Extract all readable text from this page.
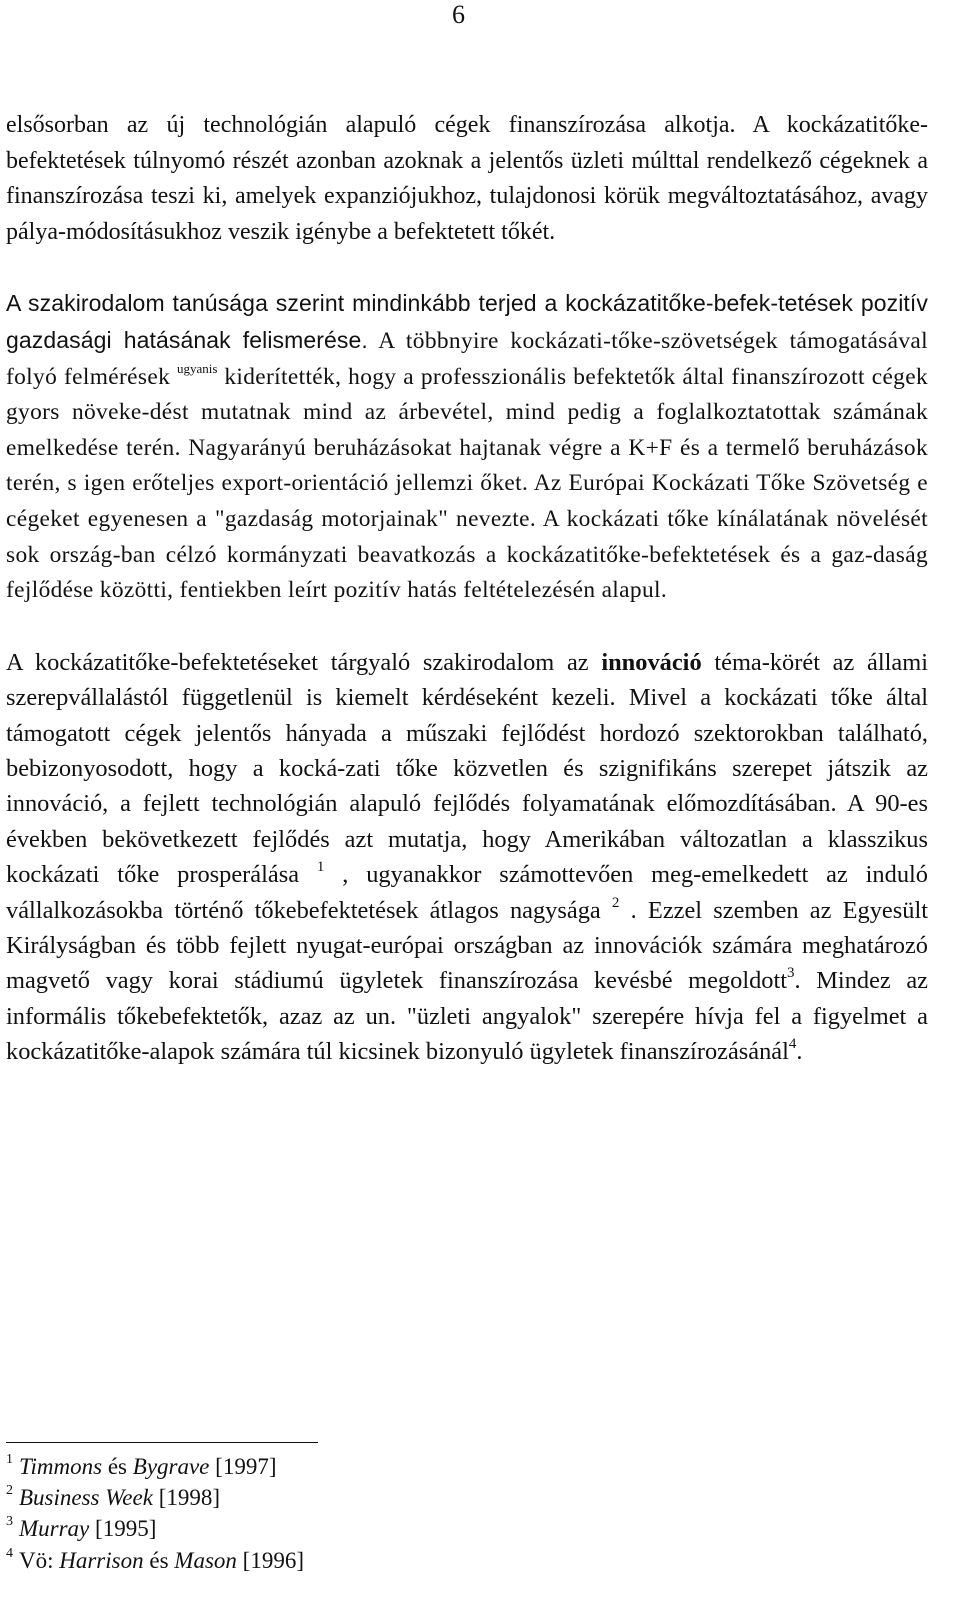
6

elsősorban az új technológián alapuló cégek finanszírozása alkotja. A kockázatitőke-befektetések túlnyomó részét azonban azoknak a jelentős üzleti múlttal rendelkező cégeknek a finanszírozása teszi ki, amelyek expanziójukhoz, tulajdonosi körük megváltoztatásához, avagy pálya-módosításukhoz veszik igénybe a befektetett tőkét.

A szakirodalom tanúsága szerint mindinkább terjed a kockázatitőke-befek-tetések pozitív gazdasági hatásának felismerése. A többnyire kockázati-tőke-szövetségek támogatásával folyó felmérések $^{ugyanis}$ kiderítették, hogy a professzionális befektetők által finanszírozott cégek gyors növeke-dést mutatnak mind az árbevétel, mind pedig a foglalkoztatottak számának emelkedése terén. Nagyarányú beruházásokat hajtanak végre a K+F és a termelő beruházások terén, s igen erőteljes export-orientáció jellemzi őket. Az Európai Kockázati Tőke Szövetség e cégeket egyenesen a "gazdaság motorjainak" nevezte. A kockázati tőke kínálatának növelését sok ország-ban célzó kormányzati beavatkozás a kockázatitőke-befektetések és a gaz-daság fejlődése közötti, fentiekben leírt pozitív hatás feltételezésén alapul.

A kockázatitőke-befektetéseket tárgyaló szakirodalom az innováció téma-körét az állami szerepvállalástól függetlenül is kiemelt kérdéseként kezeli. Mivel a kockázati tőke által támogatott cégek jelentős hányada a műszaki fejlődést hordozó szektorokban található, bebizonyosodott, hogy a kocká-zati tőke közvetlen és szignifikáns szerepet játszik az innováció, a fejlett technológián alapuló fejlődés folyamatának előmozdításában. A 90-es években bekövetkezett fejlődés azt mutatja, hogy Amerikában változatlan a klasszikus kockázati tőke prosperálása $^1$ , ugyanakkor számottevően meg-emelkedett az induló vállalkozásokba történő tőkebefektetések átlagos nagysága $^2$ . Ezzel szemben az Egyesült Királyságban és több fejlett nyugat-európai országban az innovációk számára meghatározó magvető vagy korai stádiumú ügyletek finanszírozása kevésbé megoldott$^3$. Mindez az informális tőkebefektetők, azaz az un. "üzleti angyalok" szerepére hívja fel a figyelmet a kockázatitőke-alapok számára túl kicsinek bizonyuló ügyletek finanszírozásánál$^4$.

$^1$ Timmons és Bygrave [1997]
$^2$ Business Week [1998]
$^3$ Murray [1995]
$^4$ Vö: Harrison és Mason [1996]
